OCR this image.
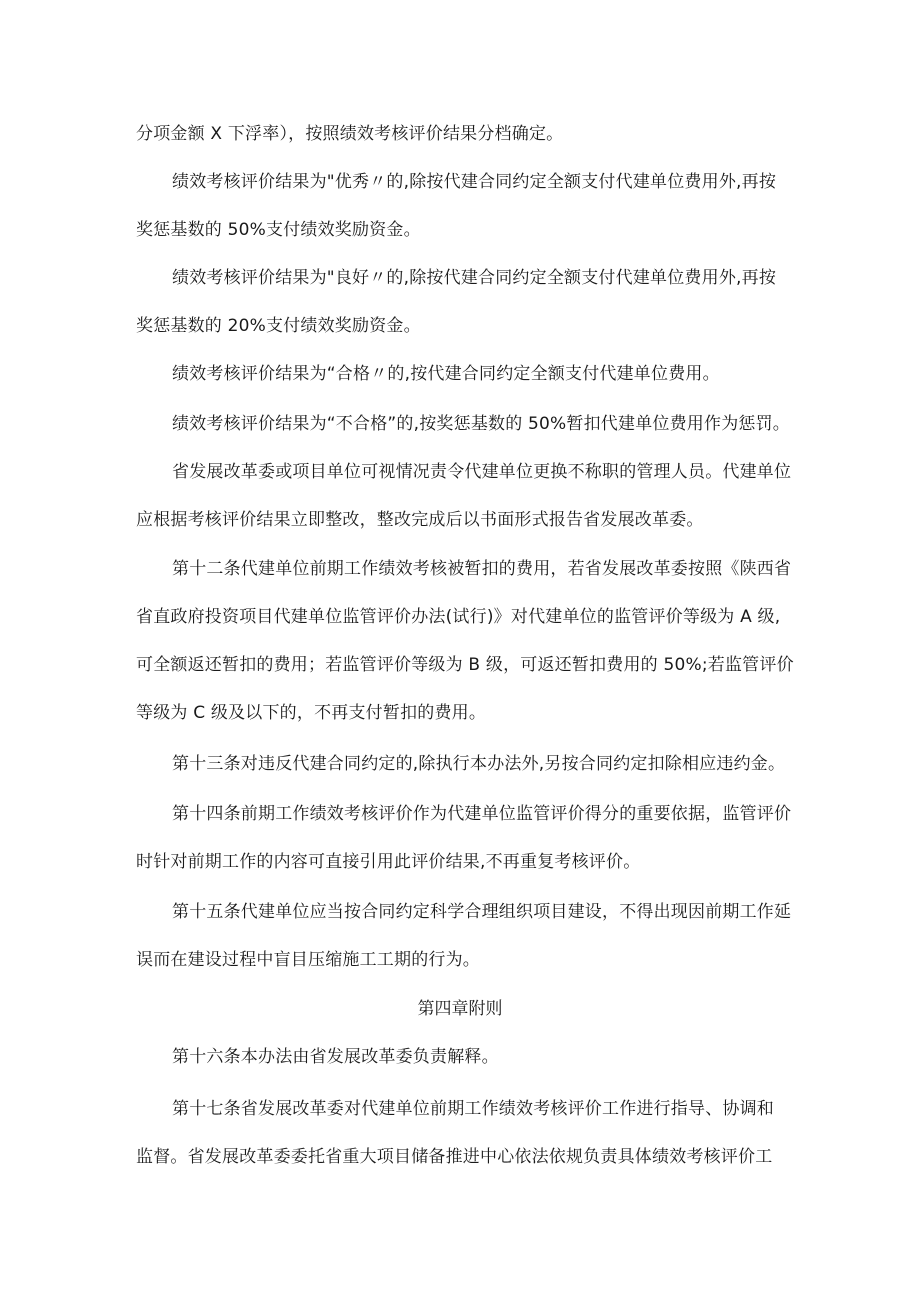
分项金额 X 下浮率），按照绩效考核评价结果分档确定。
绩效考核评价结果为"优秀〃的,除按代建合同约定全额支付代建单位费用外,再按
奖惩基数的 50%支付绩效奖励资金。
绩效考核评价结果为"良好〃的,除按代建合同约定全额支付代建单位费用外,再按
奖惩基数的 20%支付绩效奖励资金。
绩效考核评价结果为“合格〃的,按代建合同约定全额支付代建单位费用。
绩效考核评价结果为“不合格”的,按奖惩基数的 50%暂扣代建单位费用作为惩罚。
省发展改革委或项目单位可视情况责令代建单位更换不称职的管理人员。代建单位
应根据考核评价结果立即整改，整改完成后以书面形式报告省发展改革委。
第十二条代建单位前期工作绩效考核被暂扣的费用，若省发展改革委按照《陕西省
省直政府投资项目代建单位监管评价办法(试行)》对代建单位的监管评价等级为 A 级,
可全额返还暂扣的费用；若监管评价等级为 B 级，可返还暂扣费用的 50%;若监管评价
等级为 C 级及以下的，不再支付暂扣的费用。
第十三条对违反代建合同约定的,除执行本办法外,另按合同约定扣除相应违约金。
第十四条前期工作绩效考核评价作为代建单位监管评价得分的重要依据，监管评价
时针对前期工作的内容可直接引用此评价结果,不再重复考核评价。
第十五条代建单位应当按合同约定科学合理组织项目建设，不得出现因前期工作延
误而在建设过程中盲目压缩施工工期的行为。
第四章附则
第十六条本办法由省发展改革委负责解释。
第十七条省发展改革委对代建单位前期工作绩效考核评价工作进行指导、协调和
监督。省发展改革委委托省重大项目储备推进中心依法依规负责具体绩效考核评价工
